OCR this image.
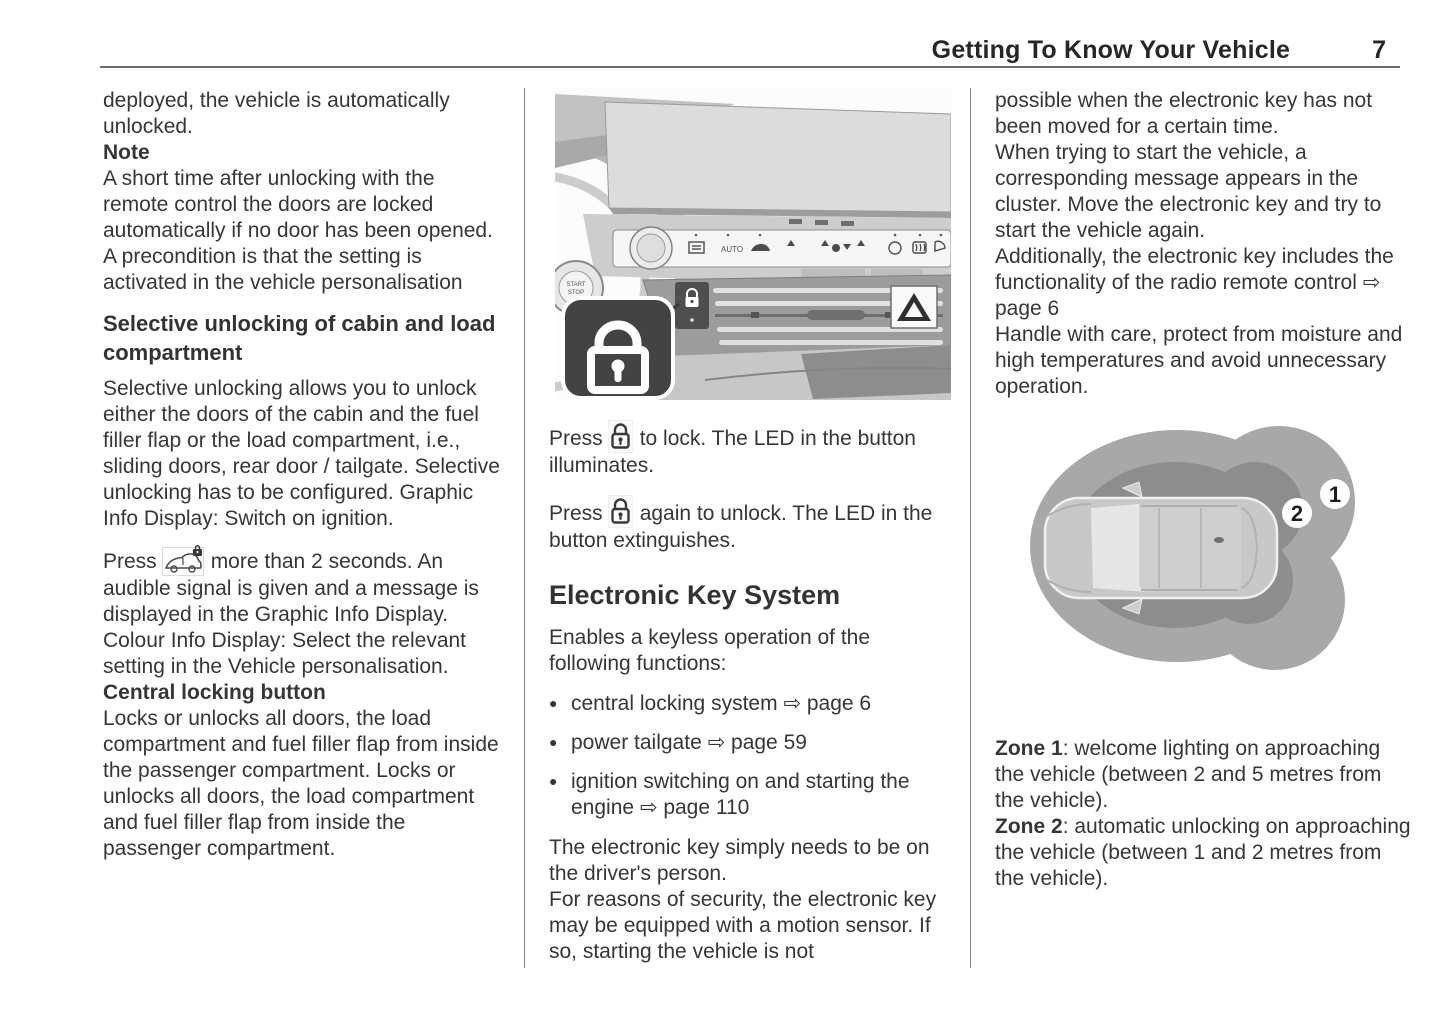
Getting To Know Your Vehicle	7

deployed, the vehicle is automatically unlocked.

Note

A short time after unlocking with the remote control the doors are locked automatically if no door has been opened. A precondition is that the setting is activated in the vehicle personalisation

Selective unlocking of cabin and load compartment

Selective unlocking allows you to unlock either the doors of the cabin and the fuel filler flap or the load compartment, i.e., sliding doors, rear door / tailgate. Selective unlocking has to be configured. Graphic Info Display: Switch on ignition.

Press	more than 2 seconds. An audible signal is given and a message is displayed in the Graphic Info Display. Colour Info Display: Select the relevant setting in the Vehicle personalisation.

Central locking button

Locks or unlocks all doors, the load compartment and fuel filler flap from inside the passenger compartment. Locks or unlocks all doors, the load compartment and fuel filler flap from inside the passenger compartment.

AUTO
START
STOP

Press to lock. The LED in the button illuminates.

Press again to unlock. The LED in the button extinguishes.

Electronic Key System

Enables a keyless operation of the following functions:

● central locking system ⇨ page 6
● power tailgate ⇨ page 59
● ignition switching on and starting the engine ⇨ page 110

The electronic key simply needs to be on the driver's person.

For reasons of security, the electronic key may be equipped with a motion sensor. If so, starting the vehicle is not

possible when the electronic key has not been moved for a certain time.

When trying to start the vehicle, a corresponding message appears in the cluster. Move the electronic key and try to start the vehicle again.

Additionally, the electronic key includes the functionality of the radio remote control ⇨ page 6

Handle with care, protect from moisture and high temperatures and avoid unnecessary operation.

1
2

Zone 1: welcome lighting on approaching the vehicle (between 2 and 5 metres from the vehicle).

Zone 2: automatic unlocking on approaching the vehicle (between 1 and 2 metres from the vehicle).
